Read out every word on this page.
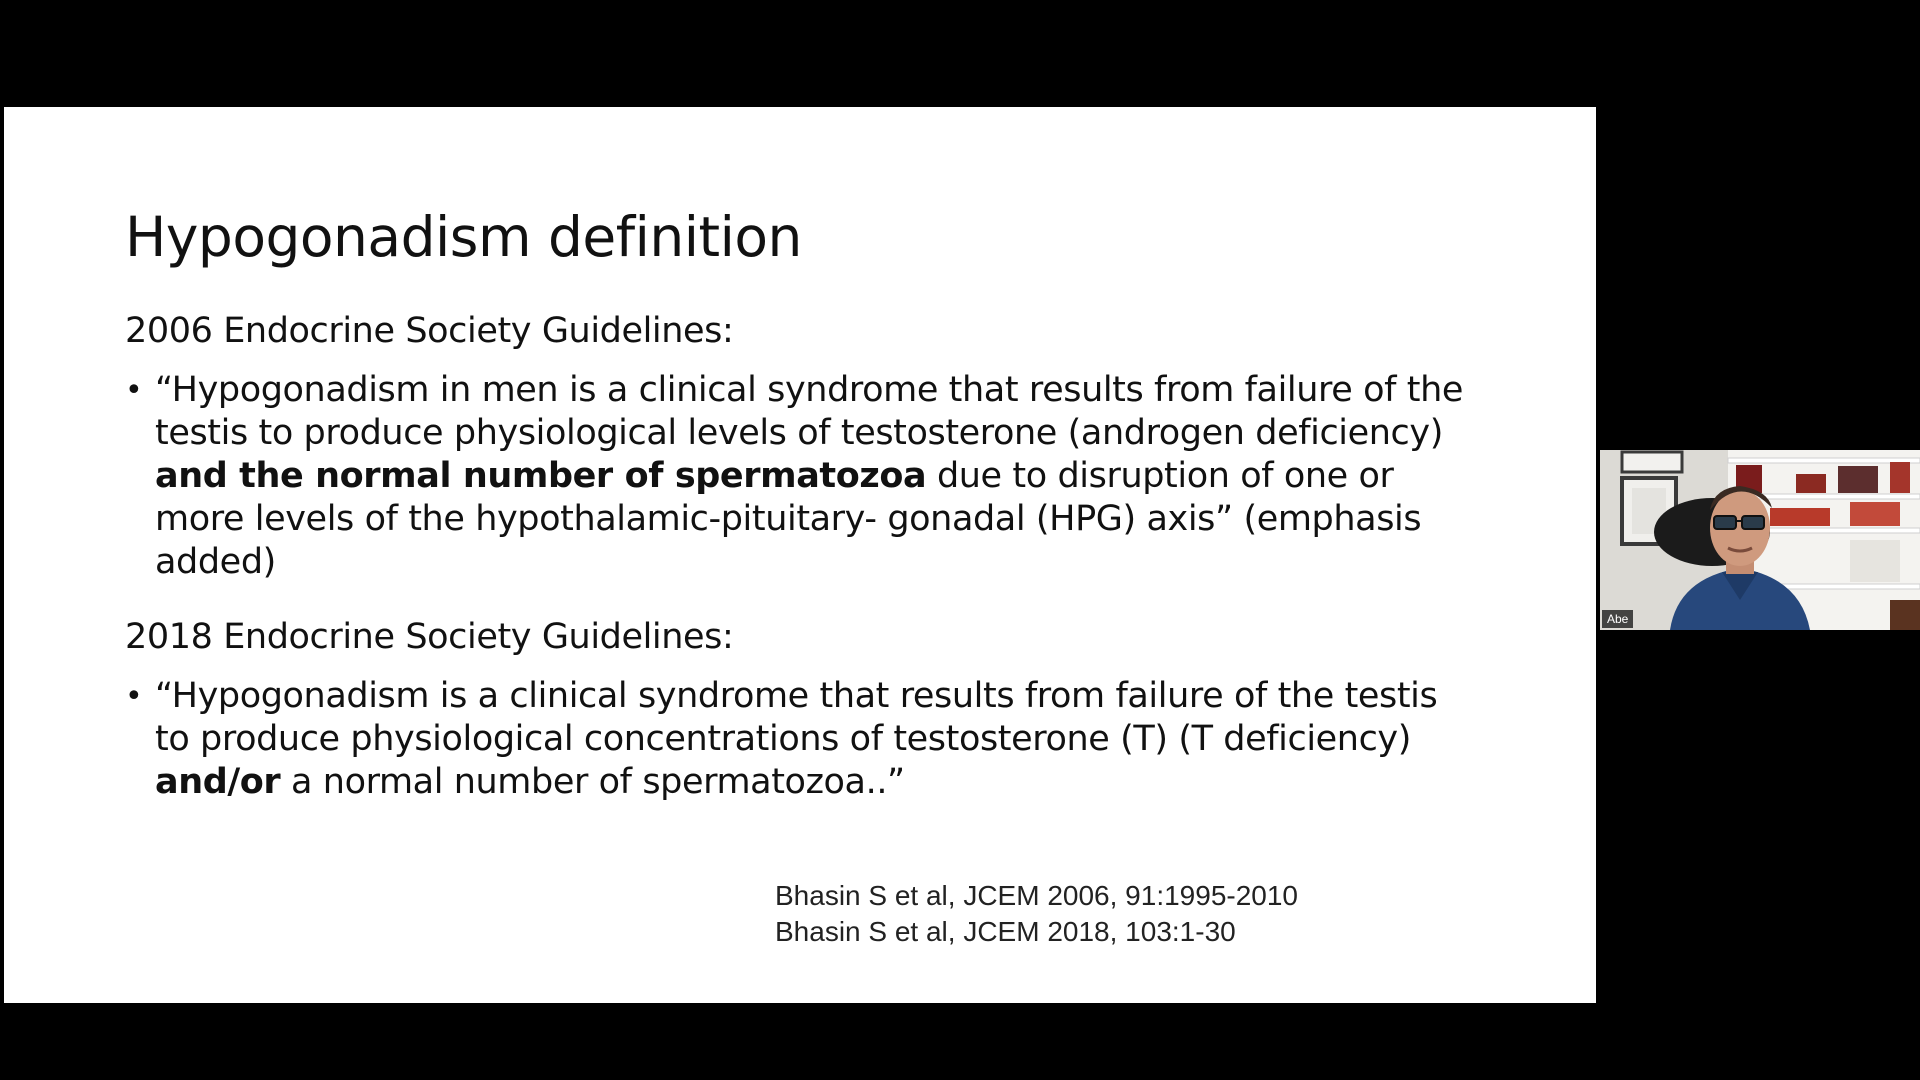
Hypogonadism definition
2006 Endocrine Society Guidelines:
• “Hypogonadism in men is a clinical syndrome that results from failure of the testis to produce physiological levels of testosterone (androgen deficiency) and the normal number of spermatozoa due to disruption of one or more levels of the hypothalamic-pituitary- gonadal (HPG) axis” (emphasis added)
2018 Endocrine Society Guidelines:
• “Hypogonadism is a clinical syndrome that results from failure of the testis to produce physiological concentrations of testosterone (T) (T deficiency) and/or a normal number of spermatozoa..”
Bhasin S et al, JCEM 2006, 91:1995-2010
Bhasin S et al, JCEM 2018, 103:1-30
Abe
